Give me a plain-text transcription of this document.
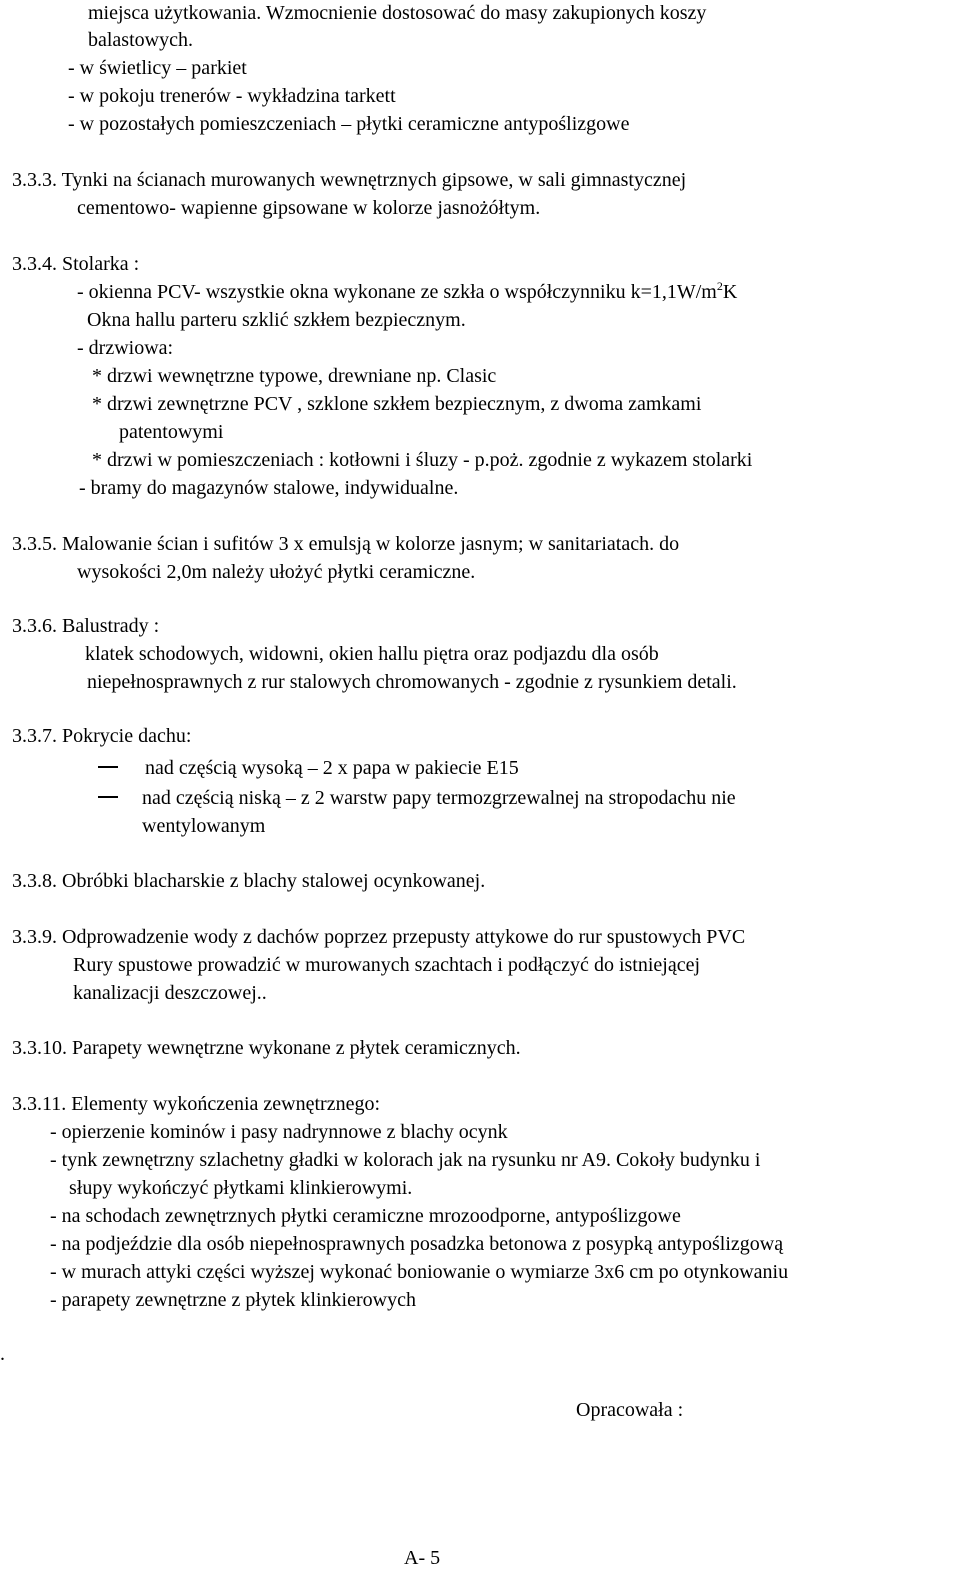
miejsca użytkowania. Wzmocnienie dostosować do masy zakupionych koszy
balastowych.
- w świetlicy – parkiet
- w pokoju trenerów - wykładzina tarkett
- w pozostałych pomieszczeniach – płytki ceramiczne antypoślizgowe
3.3.3. Tynki na ścianach murowanych wewnętrznych gipsowe, w sali gimnastycznej
cementowo- wapienne gipsowane w kolorze jasnożółtym.
3.3.4. Stolarka :
- okienna PCV- wszystkie okna wykonane ze szkła o współczynniku $k=1,1W/m^2K$
Okna hallu parteru szklić szkłem bezpiecznym.
- drzwiowa:
* drzwi wewnętrzne typowe, drewniane np. Clasic
* drzwi zewnętrzne PCV , szklone szkłem bezpiecznym, z dwoma zamkami
patentowymi
* drzwi w pomieszczeniach : kotłowni i śluzy - p.poż. zgodnie z wykazem stolarki
- bramy do magazynów stalowe, indywidualne.
3.3.5. Malowanie ścian i sufitów 3 x emulsją w kolorze jasnym; w sanitariatach. do
wysokości 2,0m należy ułożyć płytki ceramiczne.
3.3.6. Balustrady :
klatek schodowych, widowni, okien hallu piętra oraz podjazdu dla osób
niepełnosprawnych z rur stalowych chromowanych - zgodnie z rysunkiem detali.
3.3.7. Pokrycie dachu:
nad częścią wysoką – 2 x papa w pakiecie E15
nad częścią niską – z 2 warstw papy termozgrzewalnej na stropodachu nie
wentylowanym
3.3.8. Obróbki blacharskie z blachy stalowej ocynkowanej.
3.3.9. Odprowadzenie wody z dachów poprzez przepusty attykowe do rur spustowych PVC
Rury spustowe prowadzić w murowanych szachtach i podłączyć do istniejącej
kanalizacji deszczowej..
3.3.10. Parapety wewnętrzne wykonane z płytek ceramicznych.
3.3.11. Elementy wykończenia zewnętrznego:
- opierzenie kominów i pasy nadrynnowe z blachy ocynk
- tynk zewnętrzny szlachetny gładki w kolorach jak na rysunku nr A9. Cokoły budynku i
słupy wykończyć płytkami klinkierowymi.
- na schodach zewnętrznych płytki ceramiczne mrozoodporne, antypoślizgowe
- na podjeździe dla osób niepełnosprawnych posadzka betonowa z posypką antypoślizgową
- w murach attyki części wyższej wykonać boniowanie o wymiarze 3x6 cm po otynkowaniu
- parapety zewnętrzne z płytek klinkierowych
.
Opracowała :
A- 5
